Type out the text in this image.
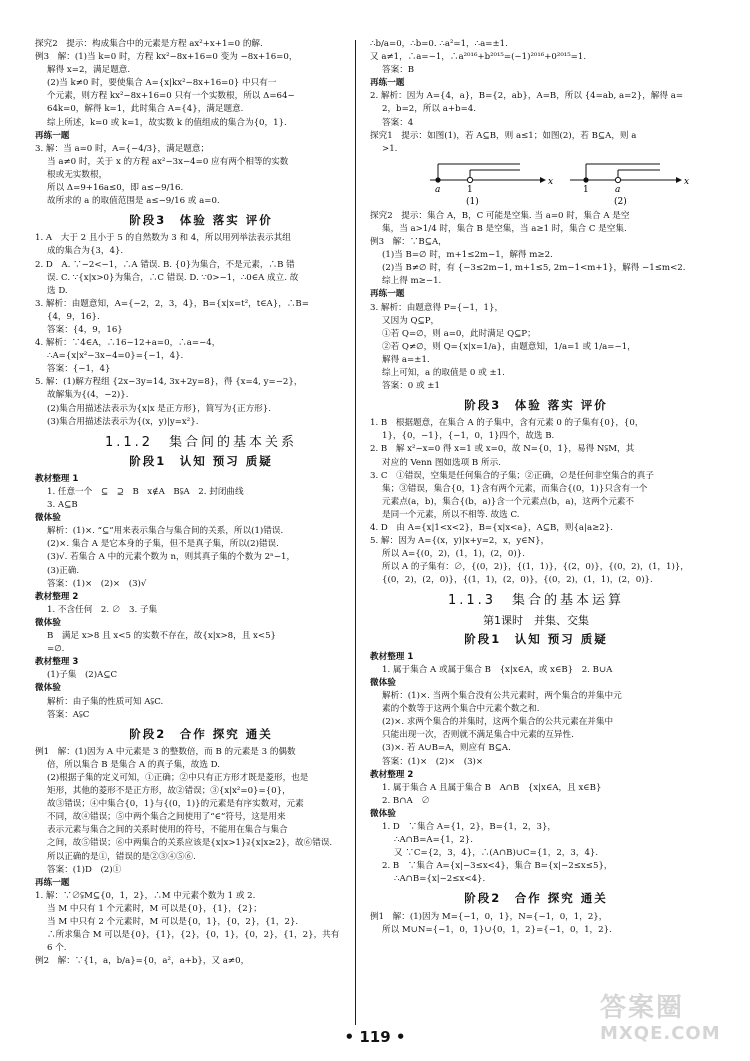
探究2　提示：构成集合中的元素是方程 ax²+x+1=0 的解.
例3　解：(1)当 k=0 时，方程 kx²−8x+16=0 变为 −8x+16=0，
解得 x=2，满足题意.
(2)当 k≠0 时，要使集合 A={x|kx²−8x+16=0} 中只有一
个元素，则方程 kx²−8x+16=0 只有一个实数根，所以 Δ=64−
64k=0，解得 k=1，此时集合 A={4}，满足题意.
综上所述，k=0 或 k=1，故实数 k 的值组成的集合为{0，1}.
再练一题
3. 解：当 a=0 时，A={−4/3}，满足题意；
当 a≠0 时，关于 x 的方程 ax²−3x−4=0 应有两个相等的实数
根或无实数根，
所以 Δ=9+16a≤0，即 a≤−9/16.
故所求的 a 的取值范围是 a≤−9/16 或 a=0.
阶段3　体验 落实 评价
1. A　大于 2 且小于 5 的自然数为 3 和 4，所以用列举法表示其组
成的集合为{3，4}.
2. D　A. ∵−2<−1，∴A 错误. B. {0}为集合，不是元素，∴B 错
误. C. ∵{x|x>0}为集合，∴C 错误. D. ∵0>−1，∴0∈A 成立. 故
选 D.
3. 解析：由题意知，A={−2，2，3，4}，B={x|x=t²，t∈A}，∴B=
{4，9，16}.
答案：{4，9，16}
4. 解析：∵4∈A，∴16−12+a=0，∴a=−4，
∴A={x|x²−3x−4=0}={−1，4}.
答案：{−1，4}
5. 解：(1)解方程组 {2x−3y=14, 3x+2y=8}，得 {x=4, y=−2}，
故解集为{(4，−2)}.
(2)集合用描述法表示为{x|x 是正方形}，简写为{正方形}.
(3)集合用描述法表示为{(x，y)|y=x²}.
1.1.2　集合间的基本关系
阶段1　认知 预习 质疑
教材整理 1
1. 任意一个　⊆　⊇　B　x∉A　B⫋A　2. 封闭曲线
3. A⊆B
微体验
解析：(1)×. “⊆”用来表示集合与集合间的关系，所以(1)错误.
(2)×. 集合 A 是它本身的子集，但不是真子集，所以(2)错误.
(3)√. 若集合 A 中的元素个数为 n，则其真子集的个数为 2ⁿ−1，
(3)正确.
答案：(1)×　(2)×　(3)√
教材整理 2
1. 不含任何　2. ∅　3. 子集
微体验
B　满足 x>8 且 x<5 的实数不存在，故{x|x>8，且 x<5}
=∅.
教材整理 3
(1)子集　(2)A⊆C
微体验
解析：由子集的性质可知 A⫋C.
答案：A⫋C
阶段2　合作 探究 通关
例1　解：(1)因为 A 中元素是 3 的整数倍，而 B 的元素是 3 的偶数
倍，所以集合 B 是集合 A 的真子集，故选 D.
(2)根据子集的定义可知，①正确；②中只有正方形才既是菱形，也是
矩形，其他的菱形不是正方形，故②错误；③{x|x²=0}={0}，
故③错误；④中集合{0，1}与{(0，1)}的元素是有序实数对，元素
不同，故④错误；⑤中两个集合之间使用了“∈”符号，这是用来
表示元素与集合之间的关系时使用的符号，不能用在集合与集合
之间，故⑤错误；⑥中两集合的关系应该是{x|x>1}⫌{x|x≥2}，故⑥错误.
所以正确的是①，错误的是②③④⑤⑥.
答案：(1)D　(2)①
再练一题
1. 解：∵∅⫋M⊆{0，1，2}，∴M 中元素个数为 1 或 2.
当 M 中只有 1 个元素时，M 可以是{0}，{1}，{2}；
当 M 中只有 2 个元素时，M 可以是{0，1}，{0，2}，{1，2}.
∴所求集合 M 可以是{0}，{1}，{2}，{0，1}，{0，2}，{1，2}，共有
6 个.
例2　解：∵{1，a，b/a}={0，a²，a+b}，又 a≠0，
∴b/a=0，∴b=0. ∴a²=1，∴a=±1.
又 a≠1，∴a=−1，∴a²⁰¹⁶+b²⁰¹⁵=(−1)²⁰¹⁶+0²⁰¹⁵=1.
答案：B
再练一题
2. 解析：因为 A={4，a}，B={2，ab}，A=B，所以 {4=ab, a=2}，解得 a=
2，b=2，所以 a+b=4.
答案：4
探究1　提示：如图(1)，若 A⊆B，则 a≤1；如图(2)，若 B⊆A，则 a
>1.
a	1
x
(1)
1	a
x
(2)
探究2　提示：集合 A，B，C 可能是空集. 当 a=0 时，集合 A 是空
集，当 a>1/4 时，集合 B 是空集，当 a≥1 时，集合 C 是空集.
例3　解：∵B⊆A，
(1)当 B=∅ 时，m+1≤2m−1，解得 m≥2.
(2)当 B≠∅ 时，有 {−3≤2m−1, m+1≤5, 2m−1<m+1}，解得 −1≤m<2.
综上得 m≥−1.
再练一题
3. 解析：由题意得 P={−1，1}，
又因为 Q⊆P，
①若 Q=∅，则 a=0，此时满足 Q⊆P；
②若 Q≠∅，则 Q={x|x=1/a}，由题意知，1/a=1 或 1/a=−1，
解得 a=±1.
综上可知，a 的取值是 0 或 ±1.
答案：0 或 ±1
阶段3　体验 落实 评价
1. B　根据题意，在集合 A 的子集中，含有元素 0 的子集有{0}，{0，
1}，{0，−1}，{−1，0，1}四个，故选 B.
2. B　解 x²−x=0 得 x=1 或 x=0，故 N={0，1}，易得 N⫋M，其
对应的 Venn 图如选项 B 所示.
3. C　①错误，空集是任何集合的子集；②正确，∅是任何非空集合的真子
集；③错误，集合{0，1}含有两个元素，而集合{(0，1)}只含有一个
元素点(a，b)，集合{(b，a)}含一个元素点(b，a)，这两个元素不
是同一个元素，所以不相等. 故选 C.
4. D　由 A={x|1<x<2}，B={x|x<a}，A⊆B，则{a|a≥2}.
5. 解：因为 A={(x，y)|x+y=2，x，y∈N}，
所以 A={(0，2)，(1，1)，(2，0)}.
所以 A 的子集有：∅，{(0，2)}，{(1，1)}，{(2，0)}，{(0，2)，(1，1)}，
{(0，2)，(2，0)}，{(1，1)，(2，0)}，{(0，2)，(1，1)，(2，0)}.
1.1.3　集合的基本运算
第1课时　并集、交集
阶段1　认知 预习 质疑
教材整理 1
1. 属于集合 A 或属于集合 B　{x|x∈A，或 x∈B}　2. B∪A
微体验
解析：(1)×. 当两个集合没有公共元素时，两个集合的并集中元
素的个数等于这两个集合中元素个数之和.
(2)×. 求两个集合的并集时，这两个集合的公共元素在并集中
只能出现一次，否则就不满足集合中元素的互异性.
(3)×. 若 A∪B=A，则应有 B⊆A.
答案：(1)×　(2)×　(3)×
教材整理 2
1. 属于集合 A 且属于集合 B　A∩B　{x|x∈A，且 x∈B}
2. B∩A　∅
微体验
1. D　∵集合 A={1，2}，B={1，2，3}，
∴A∩B=A={1，2}.
又 ∵C={2，3，4}，∴(A∩B)∪C={1，2，3，4}.
2. B　∵集合 A={x|−3≤x<4}，集合 B={x|−2≤x≤5}，
∴A∩B={x|−2≤x<4}.
阶段2　合作 探究 通关
例1　解：(1)因为 M={−1，0，1}，N={−1，0，1，2}，
所以 M∪N={−1，0，1}∪{0，1，2}={−1，0，1，2}.
• 119 •
答案圈
MXQE.COM
